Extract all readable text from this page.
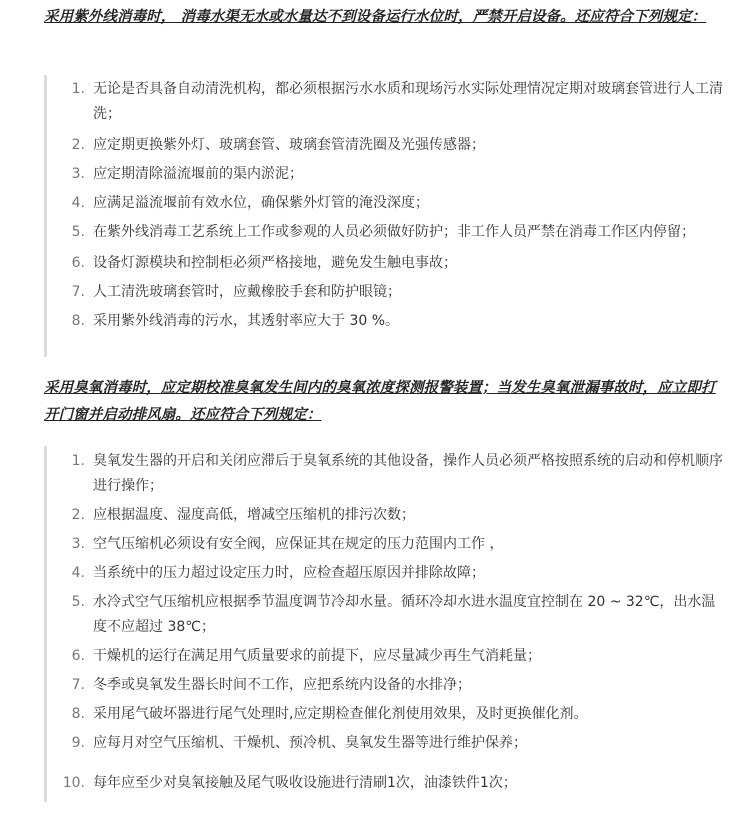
采用紫外线消毒时， 消毒水渠无水或水量达不到设备运行水位时，严禁开启设备。还应符合下列规定：
1. 无论是否具备自动清洗机构，都必须根据污水水质和现场污水实际处理情况定期对玻璃套管进行人工清洗；
2. 应定期更换紫外灯、玻璃套管、玻璃套管清洗圈及光强传感器；
3. 应定期清除溢流堰前的渠内淤泥；
4. 应满足溢流堰前有效水位，确保紫外灯管的淹没深度；
5. 在紫外线消毒工艺系统上工作或参观的人员必须做好防护；非工作人员严禁在消毒工作区内停留；
6. 设备灯源模块和控制柜必须严格接地，避免发生触电事故；
7. 人工清洗玻璃套管时，应戴橡胶手套和防护眼镜；
8. 采用紫外线消毒的污水，其透射率应大于 30 %。
采用臭氧消毒时，应定期校准臭氧发生间内的臭氧浓度探测报警装置；当发生臭氧泄漏事故时，应立即打开门窗并启动排风扇。还应符合下列规定：
1. 臭氧发生器的开启和关闭应滞后于臭氧系统的其他设备，操作人员必须严格按照系统的启动和停机顺序进行操作；
2. 应根据温度、湿度高低，增减空压缩机的排污次数；
3. 空气压缩机必须设有安全阀，应保证其在规定的压力范围内工作 ，
4. 当系统中的压力超过设定压力时，应检查超压原因并排除故障；
5. 水冷式空气压缩机应根据季节温度调节冷却水量。循环冷却水进水温度宜控制在 20 ~ 32℃，出水温度不应超过 38℃；
6. 干燥机的运行在满足用气质量要求的前提下，应尽量减少再生气消耗量；
7. 冬季或臭氧发生器长时间不工作，应把系统内设备的水排净；
8. 采用尾气破坏器进行尾气处理时,应定期检查催化剂使用效果，及时更换催化剂。
9. 应每月对空气压缩机、干燥机、预冷机、臭氧发生器等进行维护保养；
10. 每年应至少对臭氧接触及尾气吸收设施进行清刷1次，油漆铁件1次；
